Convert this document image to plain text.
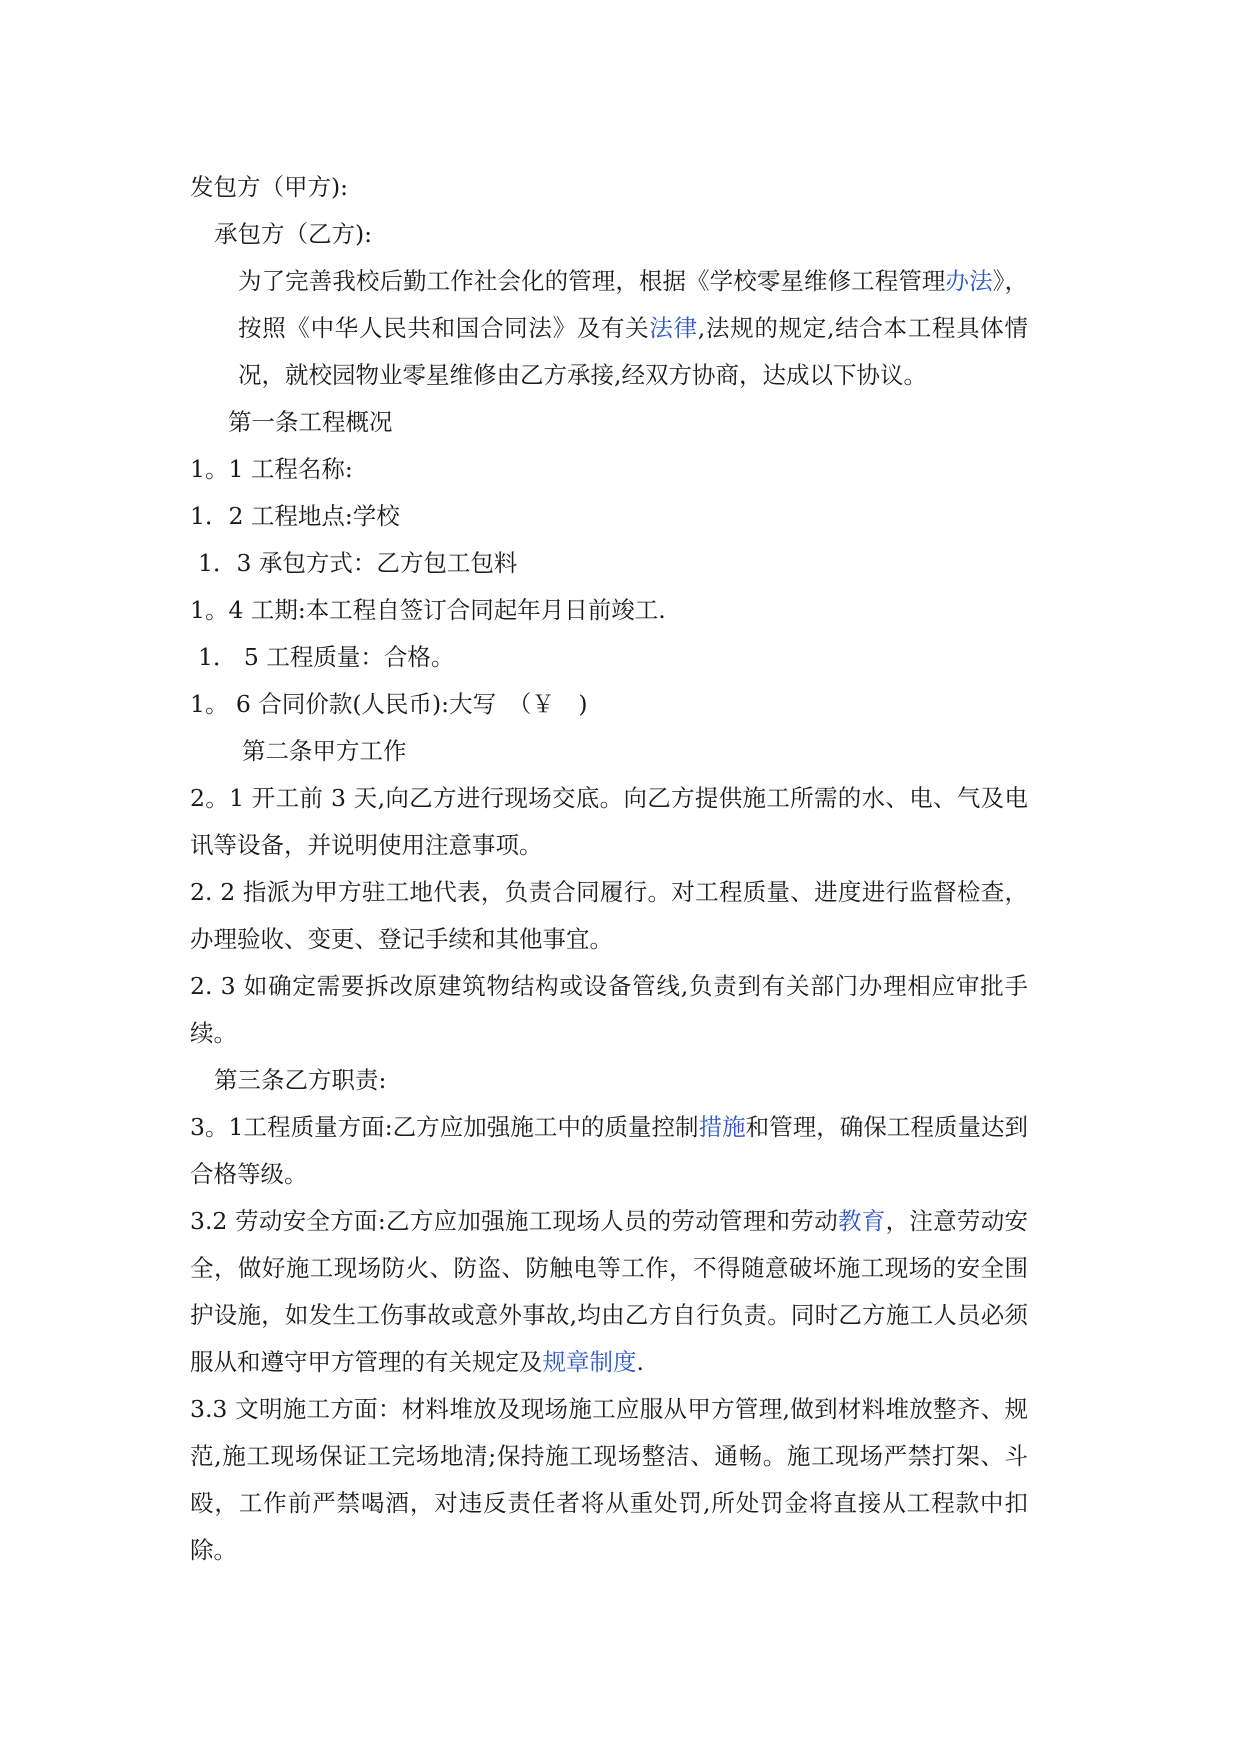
发包方（甲方):

承包方（乙方):

为了完善我校后勤工作社会化的管理，根据《学校零星维修工程管理办法》，按照《中华人民共和国合同法》及有关法律,法规的规定,结合本工程具体情况，就校园物业零星维修由乙方承接,经双方协商，达成以下协议。

第一条工程概况

1。1 工程名称:

1．2 工程地点:学校

1．3 承包方式：乙方包工包料

1。4 工期:本工程自签订合同起年月日前竣工.

1． 5 工程质量：合格。

1。 6 合同价款(人民币):大写　（￥　)

第二条甲方工作

2。1 开工前 3 天,向乙方进行现场交底。向乙方提供施工所需的水、电、气及电讯等设备，并说明使用注意事项。

2. 2 指派为甲方驻工地代表，负责合同履行。对工程质量、进度进行监督检查，办理验收、变更、登记手续和其他事宜。

2. 3 如确定需要拆改原建筑物结构或设备管线,负责到有关部门办理相应审批手续。

第三条乙方职责:

3。1工程质量方面:乙方应加强施工中的质量控制措施和管理，确保工程质量达到合格等级。

3.2 劳动安全方面:乙方应加强施工现场人员的劳动管理和劳动教育，注意劳动安全，做好施工现场防火、防盗、防触电等工作，不得随意破坏施工现场的安全围护设施，如发生工伤事故或意外事故,均由乙方自行负责。同时乙方施工人员必须服从和遵守甲方管理的有关规定及规章制度.

3.3 文明施工方面：材料堆放及现场施工应服从甲方管理,做到材料堆放整齐、规范,施工现场保证工完场地清;保持施工现场整洁、通畅。施工现场严禁打架、斗殴，工作前严禁喝酒，对违反责任者将从重处罚,所处罚金将直接从工程款中扣除。
